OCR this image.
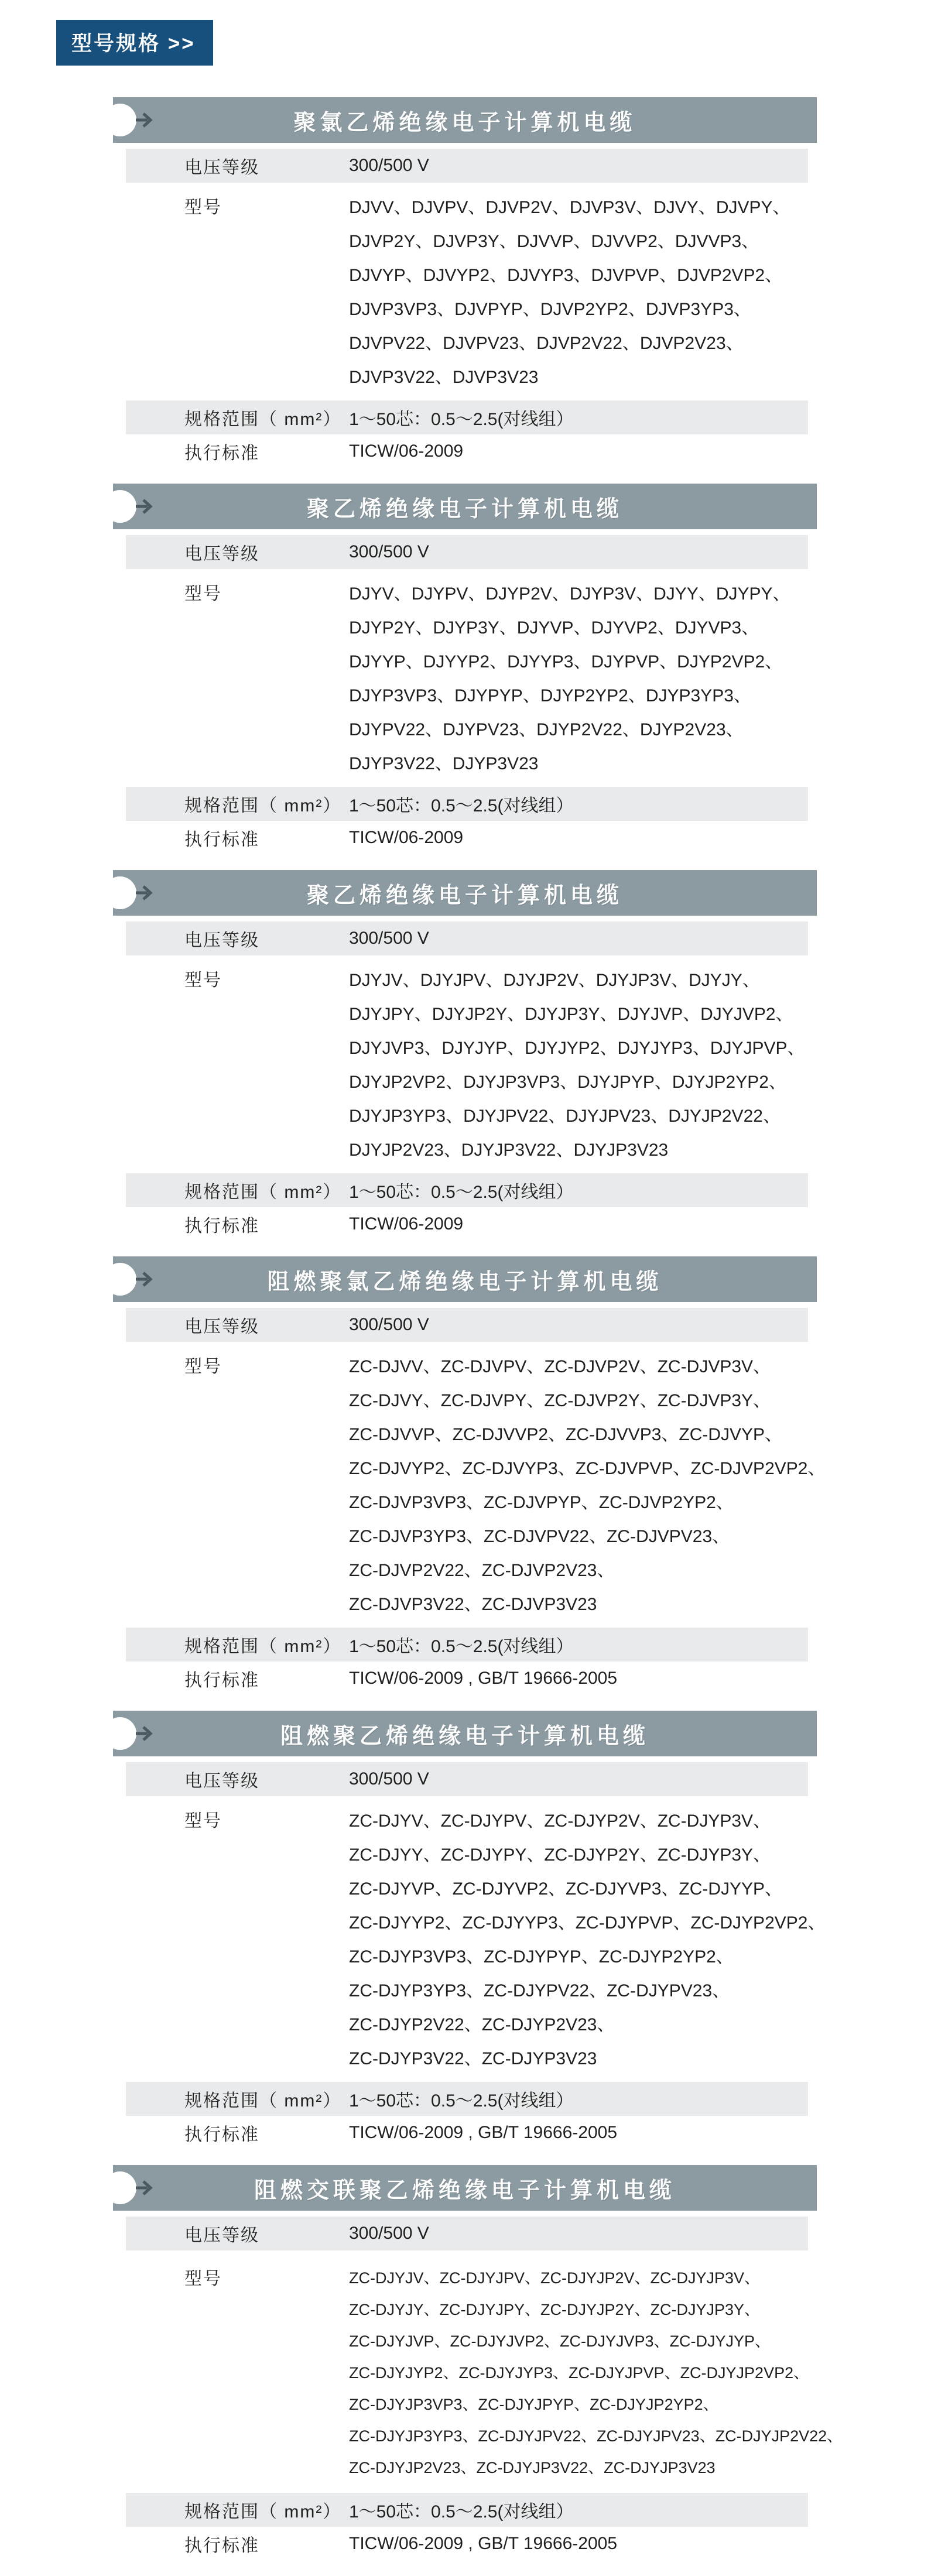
型号规格 >>
聚氯乙烯绝缘电子计算机电缆
电压等级	300/500 V
型号	DJVV、DJVPV、DJVP2V、DJVP3V、DJVY、DJVPY、
DJVP2Y、DJVP3Y、DJVVP、DJVVP2、DJVVP3、
DJVYP、DJVYP2、DJVYP3、DJVPVP、DJVP2VP2、
DJVP3VP3、DJVPYP、DJVP2YP2、DJVP3YP3、
DJVPV22、DJVPV23、DJVP2V22、DJVP2V23、
DJVP3V22、DJVP3V23
规格范围（ mm²） 1～50芯：0.5～2.5(对线组）
执行标准	TICW/06-2009
聚乙烯绝缘电子计算机电缆
电压等级	300/500 V
型号	DJYV、DJYPV、DJYP2V、DJYP3V、DJYY、DJYPY、
DJYP2Y、DJYP3Y、DJYVP、DJYVP2、DJYVP3、
DJYYP、DJYYP2、DJYYP3、DJYPVP、DJYP2VP2、
DJYP3VP3、DJYPYP、DJYP2YP2、DJYP3YP3、
DJYPV22、DJYPV23、DJYP2V22、DJYP2V23、
DJYP3V22、DJYP3V23
规格范围（ mm²） 1～50芯：0.5～2.5(对线组）
执行标准	TICW/06-2009
聚乙烯绝缘电子计算机电缆
电压等级	300/500 V
型号	DJYJV、DJYJPV、DJYJP2V、DJYJP3V、DJYJY、
DJYJPY、DJYJP2Y、DJYJP3Y、DJYJVP、DJYJVP2、
DJYJVP3、DJYJYP、DJYJYP2、DJYJYP3、DJYJPVP、
DJYJP2VP2、DJYJP3VP3、DJYJPYP、DJYJP2YP2、
DJYJP3YP3、DJYJPV22、DJYJPV23、DJYJP2V22、
DJYJP2V23、DJYJP3V22、DJYJP3V23
规格范围（ mm²） 1～50芯：0.5～2.5(对线组）
执行标准	TICW/06-2009
阻燃聚氯乙烯绝缘电子计算机电缆
电压等级	300/500 V
型号	ZC-DJVV、ZC-DJVPV、ZC-DJVP2V、ZC-DJVP3V、
ZC-DJVY、ZC-DJVPY、ZC-DJVP2Y、ZC-DJVP3Y、
ZC-DJVVP、ZC-DJVVP2、ZC-DJVVP3、ZC-DJVYP、
ZC-DJVYP2、ZC-DJVYP3、ZC-DJVPVP、ZC-DJVP2VP2、
ZC-DJVP3VP3、ZC-DJVPYP、ZC-DJVP2YP2、
ZC-DJVP3YP3、ZC-DJVPV22、ZC-DJVPV23、
ZC-DJVP2V22、ZC-DJVP2V23、
ZC-DJVP3V22、ZC-DJVP3V23
规格范围（ mm²） 1～50芯：0.5～2.5(对线组）
执行标准	TICW/06-2009 , GB/T 19666-2005
阻燃聚乙烯绝缘电子计算机电缆
电压等级	300/500 V
型号	ZC-DJYV、ZC-DJYPV、ZC-DJYP2V、ZC-DJYP3V、
ZC-DJYY、ZC-DJYPY、ZC-DJYP2Y、ZC-DJYP3Y、
ZC-DJYVP、ZC-DJYVP2、ZC-DJYVP3、ZC-DJYYP、
ZC-DJYYP2、ZC-DJYYP3、ZC-DJYPVP、ZC-DJYP2VP2、
ZC-DJYP3VP3、ZC-DJYPYP、ZC-DJYP2YP2、
ZC-DJYP3YP3、ZC-DJYPV22、ZC-DJYPV23、
ZC-DJYP2V22、ZC-DJYP2V23、
ZC-DJYP3V22、ZC-DJYP3V23
规格范围（ mm²） 1～50芯：0.5～2.5(对线组）
执行标准	TICW/06-2009 , GB/T 19666-2005
阻燃交联聚乙烯绝缘电子计算机电缆
电压等级	300/500 V
型号	ZC-DJYJV、ZC-DJYJPV、ZC-DJYJP2V、ZC-DJYJP3V、
ZC-DJYJY、ZC-DJYJPY、ZC-DJYJP2Y、ZC-DJYJP3Y、
ZC-DJYJVP、ZC-DJYJVP2、ZC-DJYJVP3、ZC-DJYJYP、
ZC-DJYJYP2、ZC-DJYJYP3、ZC-DJYJPVP、ZC-DJYJP2VP2、
ZC-DJYJP3VP3、ZC-DJYJPYP、ZC-DJYJP2YP2、
ZC-DJYJP3YP3、ZC-DJYJPV22、ZC-DJYJPV23、ZC-DJYJP2V22、
ZC-DJYJP2V23、ZC-DJYJP3V22、ZC-DJYJP3V23
规格范围（ mm²） 1～50芯：0.5～2.5(对线组）
执行标准	TICW/06-2009 , GB/T 19666-2005
